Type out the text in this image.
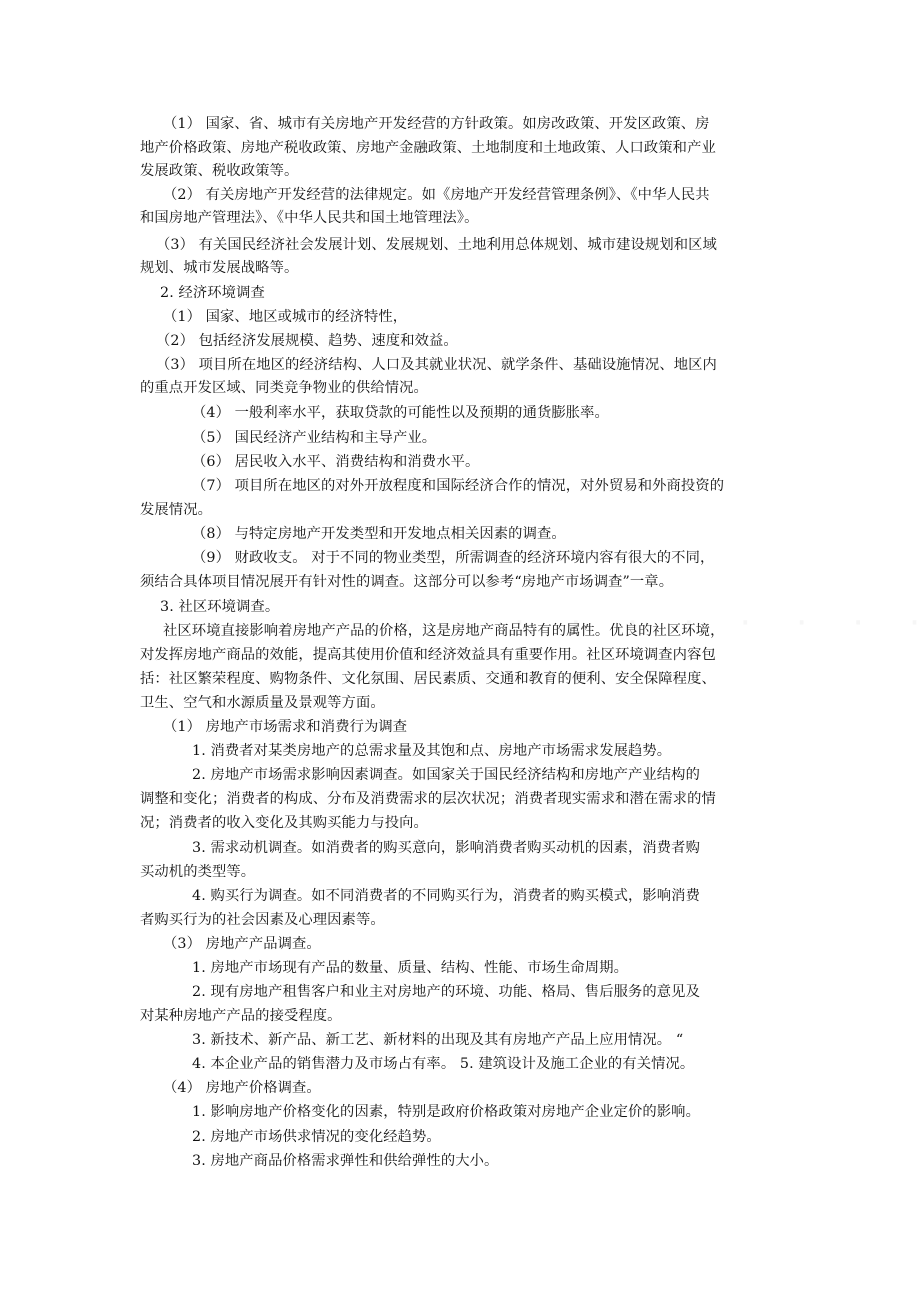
（1） 国家、省、城市有关房地产开发经营的方针政策。如房改政策、开发区政策、房
地产价格政策、房地产税收政策、房地产金融政策、土地制度和土地政策、人口政策和产业
发展政策、税收政策等。
（2） 有关房地产开发经营的法律规定。如《房地产开发经营管理条例》、《中华人民共
和国房地产管理法》、《中华人民共和国土地管理法》。
（3） 有关国民经济社会发展计划、发展规划、土地利用总体规划、城市建设规划和区域
规划、城市发展战略等。
2. 经济环境调查
（1） 国家、地区或城市的经济特性，
（2） 包括经济发展规模、趋势、速度和效益。
（3） 项目所在地区的经济结构、人口及其就业状况、就学条件、基础设施情况、地区内
的重点开发区域、同类竞争物业的供给情况。
（4） 一般利率水平，获取贷款的可能性以及预期的通货膨胀率。
（5） 国民经济产业结构和主导产业。
（6） 居民收入水平、消费结构和消费水平。
（7） 项目所在地区的对外开放程度和国际经济合作的情况，对外贸易和外商投资的
发展情况。
（8） 与特定房地产开发类型和开发地点相关因素的调查。
（9） 财政收支。 对于不同的物业类型，所需调查的经济环境内容有很大的不同，
须结合具体项目情况展开有针对性的调查。这部分可以参考“房地产市场调查”一章。
3. 社区环境调查。
社区环境直接影响着房地产产品的价格，这是房地产商品特有的属性。优良的社区环境，
对发挥房地产商品的效能，提高其使用价值和经济效益具有重要作用。社区环境调查内容包
括：社区繁荣程度、购物条件、文化氛围、居民素质、交通和教育的便利、安全保障程度、
卫生、空气和水源质量及景观等方面。
（1） 房地产市场需求和消费行为调查
1. 消费者对某类房地产的总需求量及其饱和点、房地产市场需求发展趋势。
2. 房地产市场需求影响因素调查。如国家关于国民经济结构和房地产产业结构的
调整和变化；消费者的构成、分布及消费需求的层次状况；消费者现实需求和潜在需求的情
况；消费者的收入变化及其购买能力与投向。
3. 需求动机调查。如消费者的购买意向，影响消费者购买动机的因素，消费者购
买动机的类型等。
4. 购买行为调查。如不同消费者的不同购买行为，消费者的购买模式，影响消费
者购买行为的社会因素及心理因素等。
（3） 房地产产品调查。
1. 房地产市场现有产品的数量、质量、结构、性能、市场生命周期。
2. 现有房地产租售客户和业主对房地产的环境、功能、格局、售后服务的意见及
对某种房地产产品的接受程度。
3. 新技术、新产品、新工艺、新材料的出现及其有房地产产品上应用情况。 “
4. 本企业产品的销售潜力及市场占有率。 5. 建筑设计及施工企业的有关情况。
（4） 房地产价格调查。
1. 影响房地产价格变化的因素，特别是政府价格政策对房地产企业定价的影响。
2. 房地产市场供求情况的变化经趋势。
3. 房地产商品价格需求弹性和供给弹性的大小。
